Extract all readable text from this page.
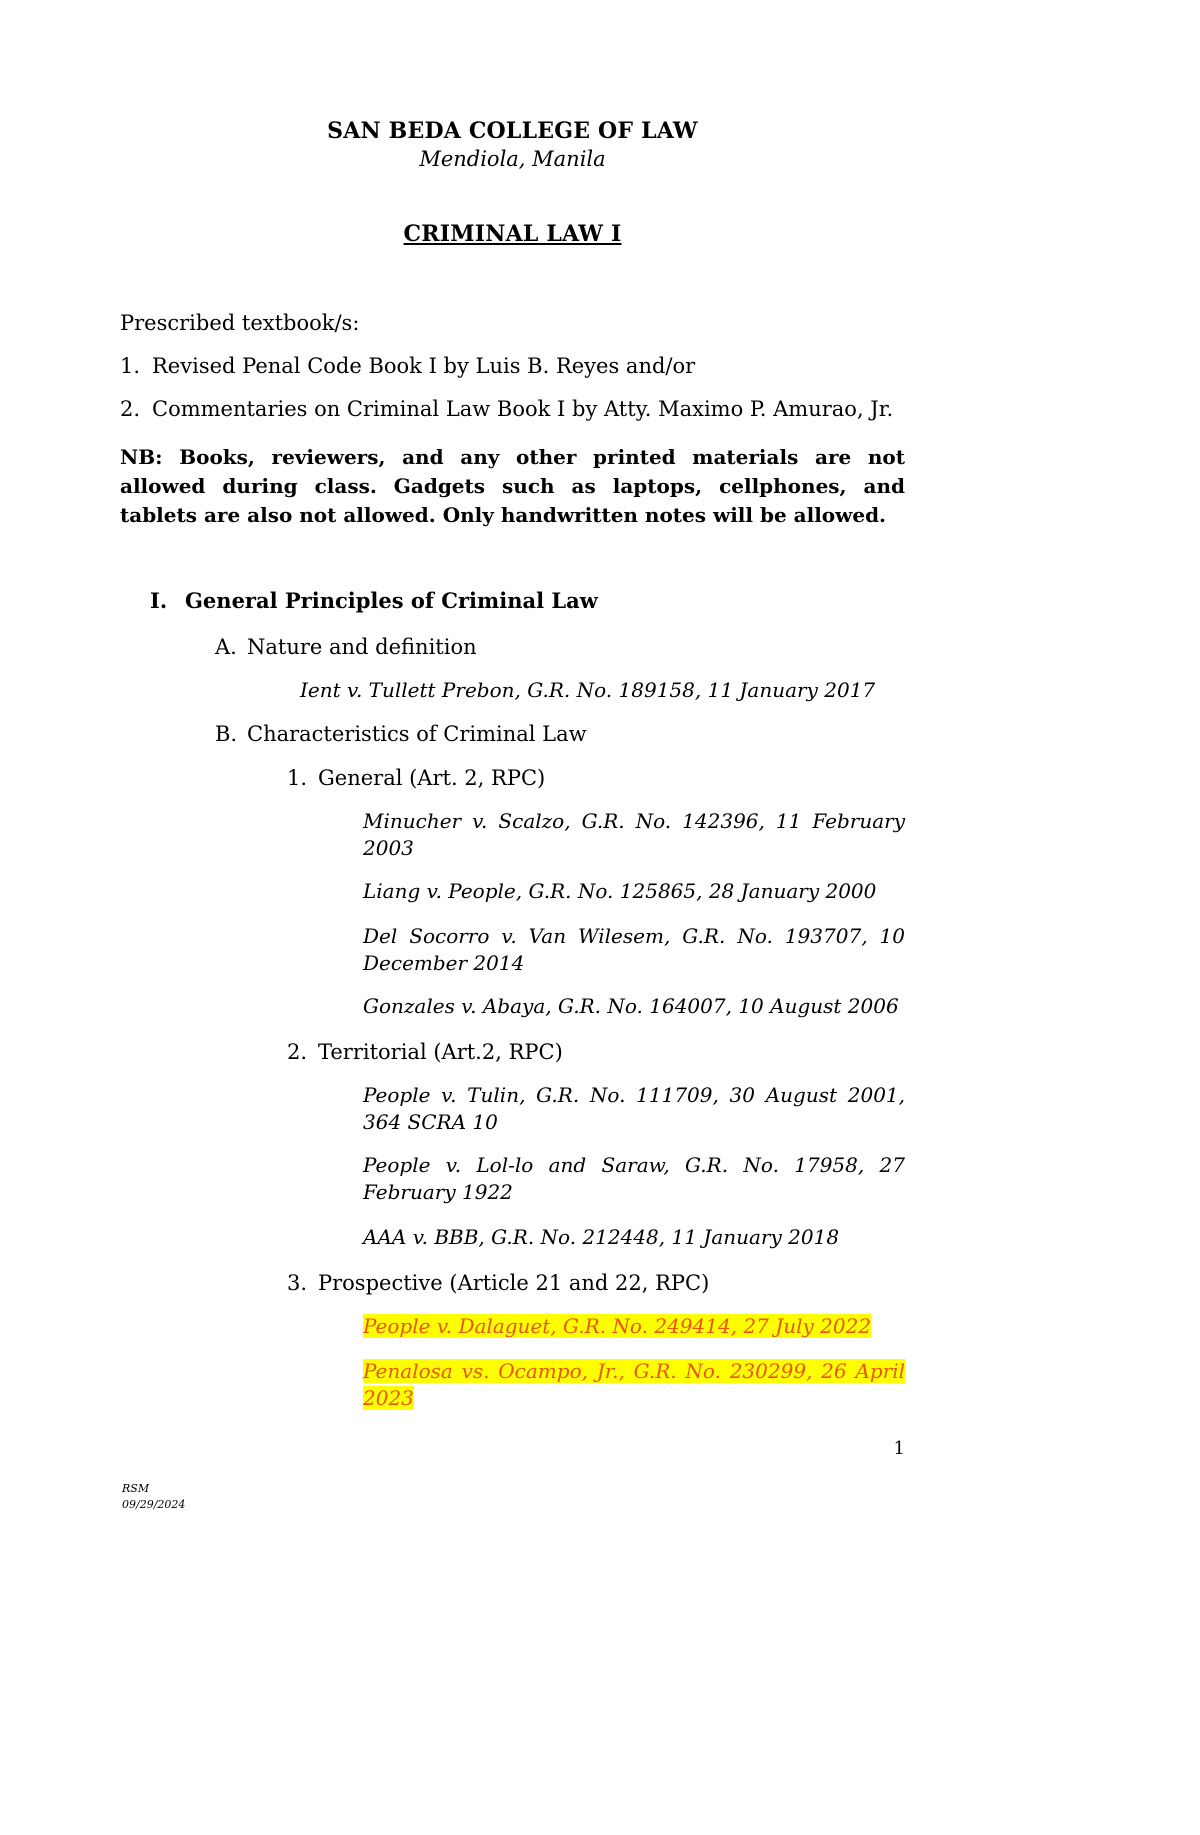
SAN BEDA COLLEGE OF LAW
Mendiola, Manila
CRIMINAL LAW I

Prescribed textbook/s:

1. Revised Penal Code Book I by Luis B. Reyes and/or
2. Commentaries on Criminal Law Book I by Atty. Maximo P. Amurao, Jr.

NB: Books, reviewers, and any other printed materials are not allowed during class. Gadgets such as laptops, cellphones, and tablets are also not allowed. Only handwritten notes will be allowed.

I. General Principles of Criminal Law
A. Nature and definition

Ient v. Tullett Prebon, G.R. No. 189158, 11 January 2017

B. Characteristics of Criminal Law
1. General (Art. 2, RPC)

Minucher v. Scalzo, G.R. No. 142396, 11 February 2003

Liang v. People, G.R. No. 125865, 28 January 2000

Del Socorro v. Van Wilesem, G.R. No. 193707, 10 December 2014

Gonzales v. Abaya, G.R. No. 164007, 10 August 2006

2. Territorial (Art.2, RPC)

People v. Tulin, G.R. No. 111709, 30 August 2001, 364 SCRA 10

People v. Lol-lo and Saraw, G.R. No. 17958, 27 February 1922

AAA v. BBB, G.R. No. 212448, 11 January 2018

3. Prospective (Article 21 and 22, RPC)

People v. Dalaguet, G.R. No. 249414, 27 July 2022

Penalosa vs. Ocampo, Jr., G.R. No. 230299, 26 April 2023

1
RSM
09/29/2024
